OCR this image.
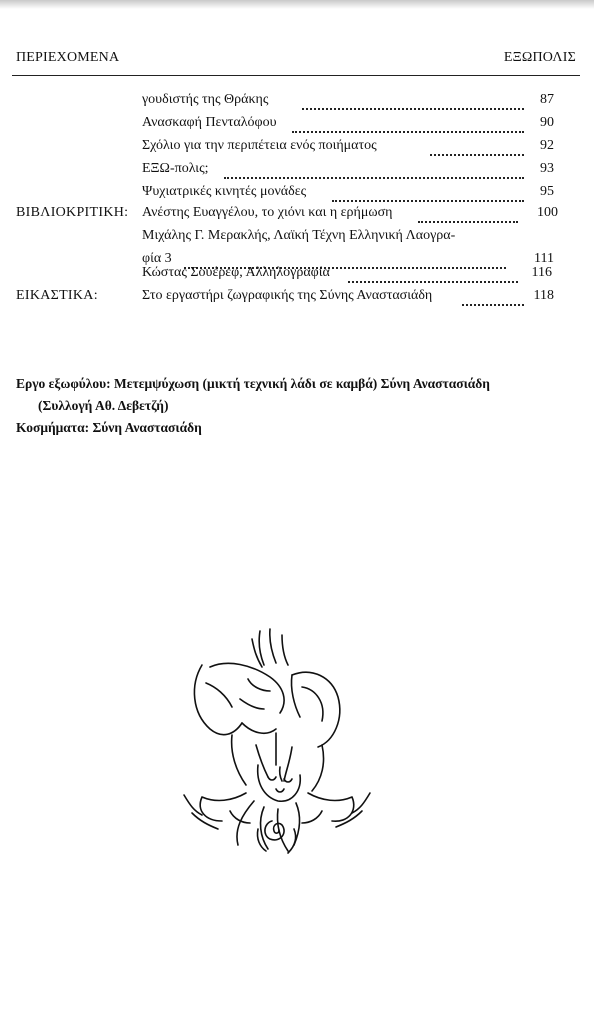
ΠΕΡΙΕΧΟΜΕΝΑ	ΕΞΩΠΟΛΙΣ
γουδιστής της Θράκης	87
Ανασκαφή Πενταλόφου	90
Σχόλιο για την περιπέτεια ενός ποιήματος	92
ΕΞΩ-πολις;	93
Ψυχιατρικές κινητές μονάδες	95
ΒΙΒΛΙΟΚΡΙΤΙΚΗ: Ανέστης Ευαγγέλου, το χιόνι και η ερήμωση	100
Μιχάλης Γ. Μερακλής, Λαϊκή Τέχνη Ελληνική Λαογρα-
φία 3	111
Κώστας Σουέρεφ, Αλληλογραφία	116
ΕΙΚΑΣΤΙΚΑ:	Στο εργαστήρι ζωγραφικής της Σύνης Αναστασιάδη	118
Εργο εξωφύλου: Μετεμψύχωση (μικτή τεχνική λάδι σε καμβά) Σύνη Αναστασιάδη
(Συλλογή Αθ. Δεβετζή)
Κοσμήματα: Σύνη Αναστασιάδη
